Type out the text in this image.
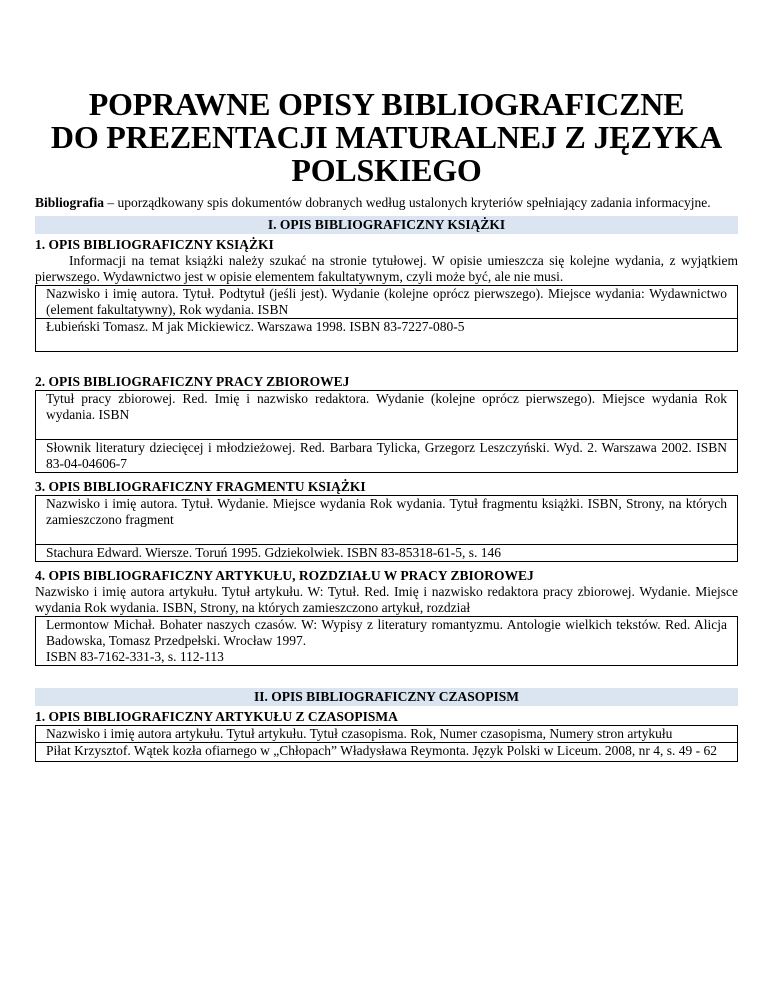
POPRAWNE OPISY BIBLIOGRAFICZNE
DO PREZENTACJI MATURALNEJ Z JĘZYKA
POLSKIEGO
Bibliografia – uporządkowany spis dokumentów dobranych według ustalonych kryteriów spełniający zadania informacyjne.
I. OPIS BIBLIOGRAFICZNY KSIĄŻKI
1. OPIS BIBLIOGRAFICZNY KSIĄŻKI
Informacji na temat książki należy szukać na stronie tytułowej. W opisie umieszcza się kolejne wydania, z wyjątkiem pierwszego. Wydawnictwo jest w opisie elementem fakultatywnym, czyli może być, ale nie musi.
Nazwisko i imię autora. Tytuł. Podtytuł (jeśli jest). Wydanie (kolejne oprócz pierwszego). Miejsce wydania: Wydawnictwo (element fakultatywny), Rok wydania. ISBN
Łubieński Tomasz. M jak Mickiewicz. Warszawa 1998. ISBN 83-7227-080-5
2. OPIS BIBLIOGRAFICZNY PRACY ZBIOROWEJ
Tytuł pracy zbiorowej. Red. Imię i nazwisko redaktora. Wydanie (kolejne oprócz pierwszego). Miejsce wydania Rok wydania. ISBN
Słownik literatury dziecięcej i młodzieżowej. Red. Barbara Tylicka, Grzegorz Leszczyński. Wyd. 2. Warszawa 2002. ISBN 83-04-04606-7
3. OPIS BIBLIOGRAFICZNY FRAGMENTU KSIĄŻKI
Nazwisko i imię autora. Tytuł. Wydanie. Miejsce wydania Rok wydania. Tytuł fragmentu książki. ISBN, Strony, na których zamieszczono fragment
Stachura Edward. Wiersze. Toruń 1995. Gdziekolwiek. ISBN 83-85318-61-5, s. 146
4. OPIS BIBLIOGRAFICZNY ARTYKUŁU, ROZDZIAŁU W PRACY ZBIOROWEJ
Nazwisko i imię autora artykułu. Tytuł artykułu. W: Tytuł. Red. Imię i nazwisko redaktora pracy zbiorowej. Wydanie. Miejsce wydania Rok wydania. ISBN, Strony, na których zamieszczono artykuł, rozdział
Lermontow Michał. Bohater naszych czasów. W: Wypisy z literatury romantyzmu. Antologie wielkich tekstów. Red. Alicja Badowska, Tomasz Przedpełski. Wrocław 1997.
ISBN 83-7162-331-3, s. 112-113
II. OPIS BIBLIOGRAFICZNY CZASOPISM
1. OPIS BIBLIOGRAFICZNY ARTYKUŁU Z CZASOPISMA
Nazwisko i imię autora artykułu. Tytuł artykułu. Tytuł czasopisma. Rok, Numer czasopisma, Numery stron artykułu
Piłat Krzysztof. Wątek kozła ofiarnego w „Chłopach” Władysława Reymonta. Język Polski w Liceum. 2008, nr 4, s. 49 - 62
